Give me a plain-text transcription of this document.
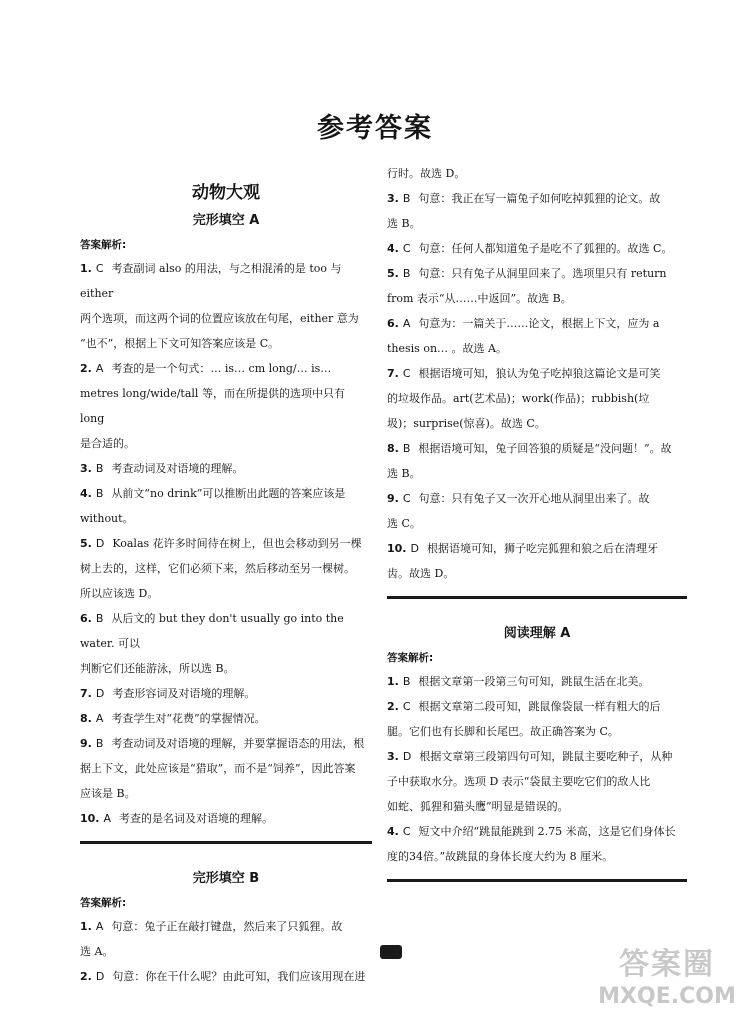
参考答案
动物大观
完形填空 A
答案解析:

1. C 考查副词 also 的用法，与之相混淆的是 too 与 either

两个选项，而这两个词的位置应该放在句尾，either 意为

“也不”，根据上下文可知答案应该是 C。

2. A 考查的是一个句式：… is… cm long/… is…

metres long/wide/tall 等，而在所提供的选项中只有 long

是合适的。

3. B 考查动词及对语境的理解。

4. B 从前文“no drink”可以推断出此题的答案应该是

without。

5. D Koalas 花许多时间待在树上，但也会移动到另一棵

树上去的，这样，它们必须下来，然后移动至另一棵树。

所以应该选 D。

6. B 从后文的 but they don't usually go into the water. 可以

判断它们还能游泳，所以选 B。

7. D 考查形容词及对语境的理解。

8. A 考查学生对“花费”的掌握情况。

9. B 考查动词及对语境的理解，并要掌握语态的用法，根

据上下文，此处应该是“猎取”，而不是“饲养”，因此答案

应该是 B。

10. A 考查的是名词及对语境的理解。

完形填空 B
答案解析:

1. A 句意：兔子正在敲打键盘，然后来了只狐狸。故

选 A。

2. D 句意：你在干什么呢？由此可知，我们应该用现在进

行时。故选 D。

3. B 句意：我正在写一篇兔子如何吃掉狐狸的论文。故

选 B。

4. C 句意：任何人都知道兔子是吃不了狐狸的。故选 C。

5. B 句意：只有兔子从洞里回来了。选项里只有 return

from 表示“从……中返回”。故选 B。

6. A 句意为：一篇关于……论文，根据上下文，应为 a

thesis on… 。故选 A。

7. C 根据语境可知，狼认为兔子吃掉狼这篇论文是可笑

的垃圾作品。art(艺术品)；work(作品)；rubbish(垃

圾)；surprise(惊喜)。故选 C。

8. B 根据语境可知，兔子回答狼的质疑是“没问题！”。故

选 B。

9. C 句意：只有兔子又一次开心地从洞里出来了。故

选 C。

10. D 根据语境可知，狮子吃完狐狸和狼之后在清理牙

齿。故选 D。

阅读理解 A
答案解析:

1. B 根据文章第一段第三句可知，跳鼠生活在北美。

2. C 根据文章第二段可知，跳鼠像袋鼠一样有粗大的后

腿。它们也有长脚和长尾巴。故正确答案为 C。

3. D 根据文章第三段第四句可知，跳鼠主要吃种子，从种

子中获取水分。选项 D 表示“袋鼠主要吃它们的敌人比

如蛇、狐狸和猫头鹰”明显是错误的。

4. C 短文中介绍“跳鼠能跳到 2.75 米高，这是它们身体长

度的34倍。”故跳鼠的身体长度大约为 8 厘米。

答案圈
MXQE.COM
